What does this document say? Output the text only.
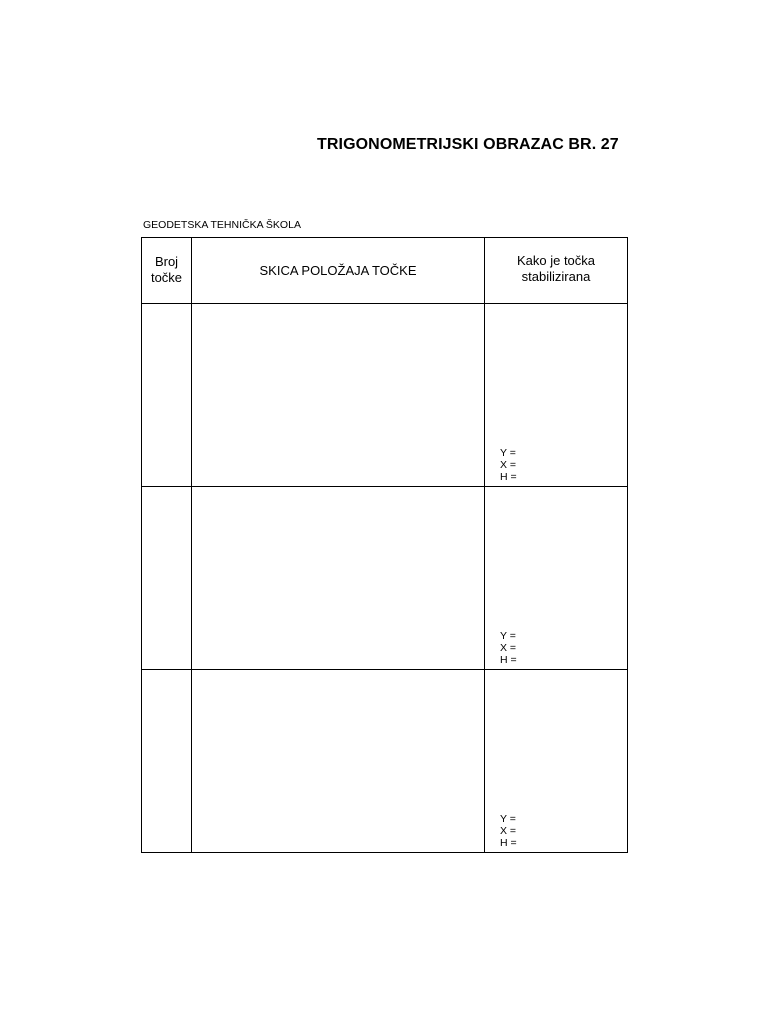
TRIGONOMETRIJSKI OBRAZAC BR. 27
GEODETSKA TEHNIČKA ŠKOLA
Broj
točke	SKICA POLOŽAJA TOČKE	Kako je točka
stabilizirana

		Y =
X =
H =

		Y =
X =
H =

		Y =
X =
H =
